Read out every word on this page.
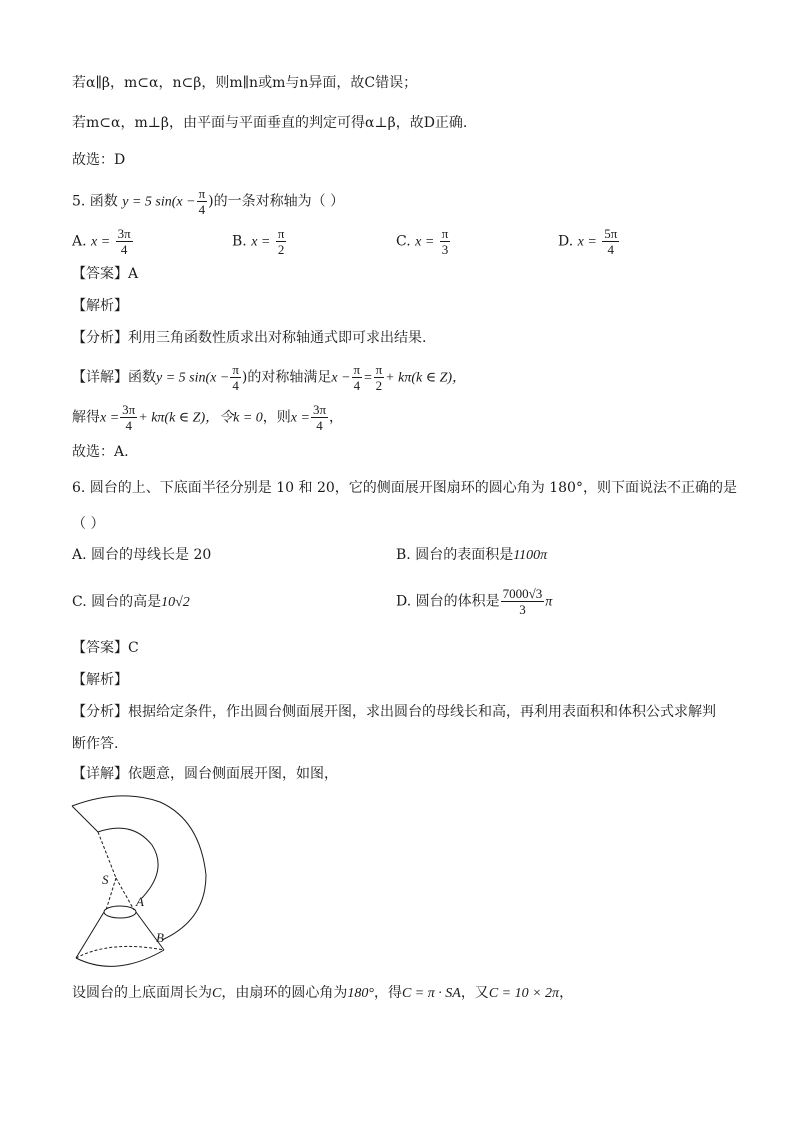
若α∥β，m⊂α，n⊂β，则m∥n或m与n异面，故C错误；
若m⊂α，m⊥β，由平面与平面垂直的判定可得α⊥β，故D正确.
故选：D
5. 函数 y = 5 $\sin(x - \frac{\pi}{4}$ )的一条对称轴为（ ）
A. $x = \frac{3\pi}{4}$	B. $x = \frac{\pi}{2}$	C. $x = \frac{\pi}{3}$	D. $x = \frac{5\pi}{4}$
【答案】A
【解析】
【分析】利用三角函数性质求出对称轴通式即可求出结果.
【详解】函数y = 5 $\sin(x - \frac{\pi}{4}$ )的对称轴满足$x - \frac{\pi}{4} = \frac{\pi}{2} + k\pi(k$ ∈ Z)，
解得$x = \frac{3\pi}{4} + k\pi(k$ ∈ Z)，令k = 0，则$x = \frac{3\pi}{4}$ ，
故选：A.
6. 圆台的上、下底面半径分别是 10 和 20，它的侧面展开图扇环的圆心角为 180°，则下面说法不正确的是
（ ）
A. 圆台的母线长是 20	B. 圆台的表面积是1100π
C. 圆台的高是10√2	D. 圆台的体积是 $\frac{7000√3}{3}$ π
【答案】C
【解析】
【分析】根据给定条件，作出圆台侧面展开图，求出圆台的母线长和高，再利用表面积和体积公式求解判
断作答.
【详解】依题意，圆台侧面展开图，如图，
S
A
B
设圆台的上底面周长为C，由扇环的圆心角为180°，得C = π · SA，又C = 10 × 2π，
